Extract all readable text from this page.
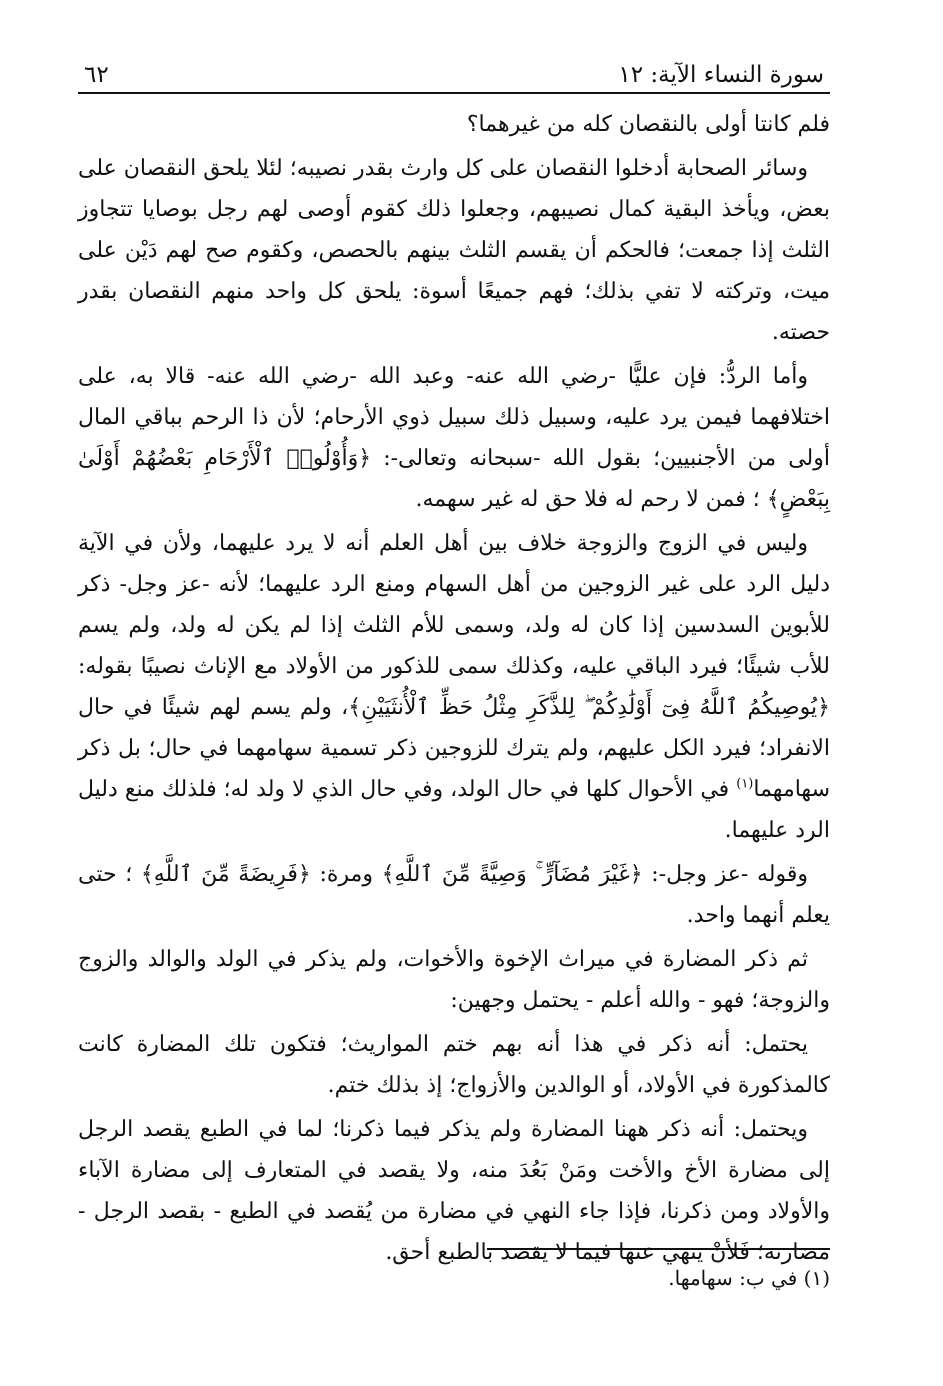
سورة النساء الآية: ١٢
٦٢

فلم كانتا أولى بالنقصان كله من غيرهما؟

وسائر الصحابة أدخلوا النقصان على كل وارث بقدر نصيبه؛ لئلا يلحق النقصان على بعض، ويأخذ البقية كمال نصيبهم، وجعلوا ذلك كقوم أوصى لهم رجل بوصايا تتجاوز الثلث إذا جمعت؛ فالحكم أن يقسم الثلث بينهم بالحصص، وكقوم صح لهم دَيْن على ميت، وتركته لا تفي بذلك؛ فهم جميعًا أسوة: يلحق كل واحد منهم النقصان بقدر حصته.

وأما الردُّ: فإن عليًّا -رضي الله عنه- وعبد الله -رضي الله عنه- قالا به، على اختلافهما فيمن يرد عليه، وسبيل ذلك سبيل ذوي الأرحام؛ لأن ذا الرحم بباقي المال أولى من الأجنبيين؛ بقول الله -سبحانه وتعالى-: ﴿وَأُوْلُوا۟ ٱلْأَرْحَامِ بَعْضُهُمْ أَوْلَىٰ بِبَعْضٍ﴾ ؛ فمن لا رحم له فلا حق له غير سهمه.

وليس في الزوج والزوجة خلاف بين أهل العلم أنه لا يرد عليهما، ولأن في الآية دليل الرد على غير الزوجين من أهل السهام ومنع الرد عليهما؛ لأنه -عز وجل- ذكر للأبوين السدسين إذا كان له ولد، وسمى للأم الثلث إذا لم يكن له ولد، ولم يسم للأب شيئًا؛ فيرد الباقي عليه، وكذلك سمى للذكور من الأولاد مع الإناث نصيبًا بقوله: ﴿يُوصِيكُمُ ٱللَّهُ فِىٓ أَوْلَٰدِكُمْ ۖ لِلذَّكَرِ مِثْلُ حَظِّ ٱلْأُنثَيَيْنِ﴾، ولم يسم لهم شيئًا في حال الانفراد؛ فيرد الكل عليهم، ولم يترك للزوجين ذكر تسمية سهامهما في حال؛ بل ذكر سهامهما$^{(١)}$ في الأحوال كلها في حال الولد، وفي حال الذي لا ولد له؛ فلذلك منع دليل الرد عليهما.

وقوله -عز وجل-: ﴿غَيْرَ مُضَآرٍّ ۚ وَصِيَّةً مِّنَ ٱللَّهِ﴾ ومرة: ﴿فَرِيضَةً مِّنَ ٱللَّهِ﴾ ؛ حتى يعلم أنهما واحد.

ثم ذكر المضارة في ميراث الإخوة والأخوات، ولم يذكر في الولد والوالد والزوج والزوجة؛ فهو - والله أعلم - يحتمل وجهين:

يحتمل: أنه ذكر في هذا أنه بهم ختم المواريث؛ فتكون تلك المضارة كانت كالمذكورة في الأولاد، أو الوالدين والأزواج؛ إذ بذلك ختم.

ويحتمل: أنه ذكر ههنا المضارة ولم يذكر فيما ذكرنا؛ لما في الطبع يقصد الرجل إلى مضارة الأخ والأخت ومَنْ بَعُدَ منه، ولا يقصد في المتعارف إلى مضارة الآباء والأولاد ومن ذكرنا، فإذا جاء النهي في مضارة من يُقصد في الطبع - بقصد الرجل - مضارته؛ فَلأنْ ينهي عنها فيما لا يقصد بالطبع أحق.

(١) في ب: سهامها.
